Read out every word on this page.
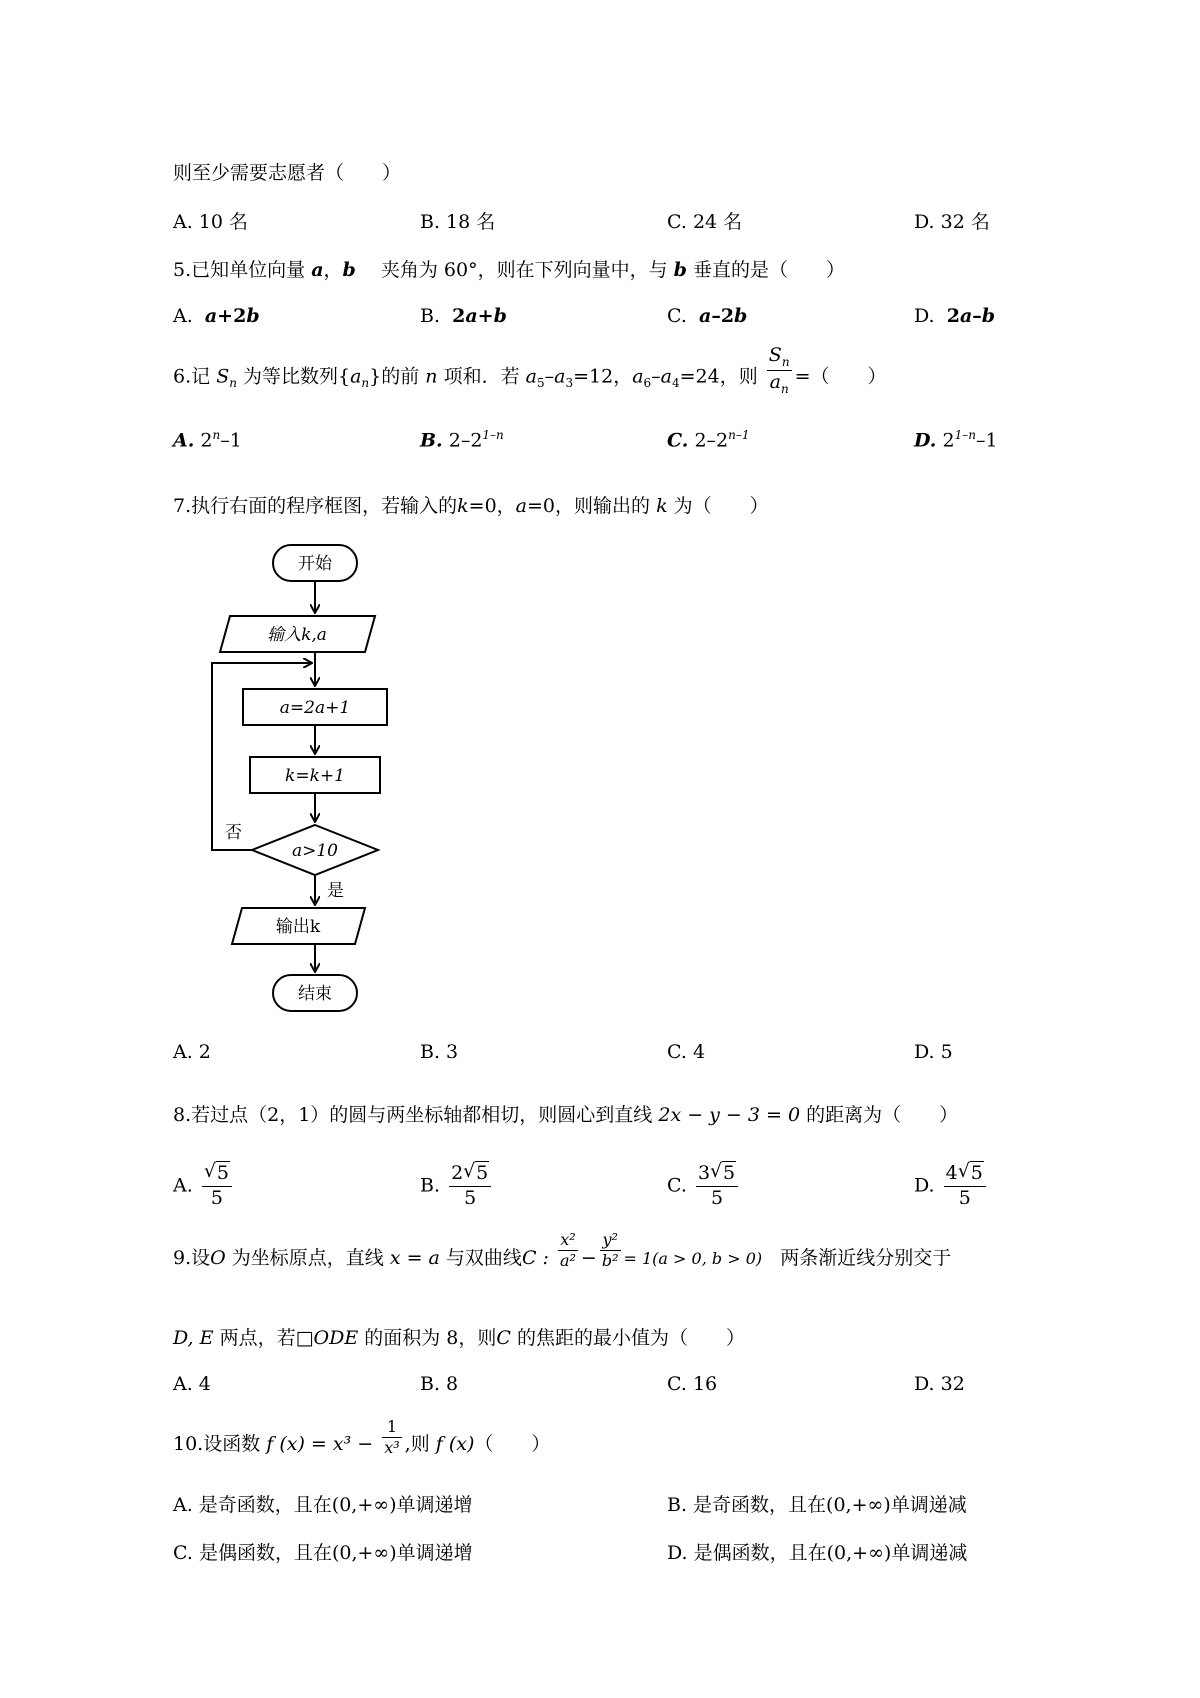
则至少需要志愿者（　　）
A. 10 名	B. 18 名	C. 24 名	D. 32 名
5.已知单位向量 a，b 　夹角为 60°，则在下列向量中，与 b 垂直的是（　　）
A. a+2b	B. 2a+b	C. a–2b	D. 2a–b
6.记 $S_n$ 为等比数列$\{a_n\}$的前 n 项和．若 $a_5-a_3=12$，$a_6-a_4=24$，则 $\frac{S_n}{a_n}$ =（　　）
A. 2$^n$–1	B. 2–2$^{1-n}$	C. 2–2$^{n-1}$	D. 2$^{1-n}$–1
7.执行右面的程序框图，若输入的k=0，a=0，则输出的 k 为（　　）
开始
输入k,a
a=2a+1
k=k+1
a>10
否
是
输出k
结束
A. 2	B. 3	C. 4	D. 5
8.若过点（2，1）的圆与两坐标轴都相切，则圆心到直线 2x − y − 3 = 0 的距离为（　　）
A. √ $\frac{5}{5}$	B. $\frac{2 √ 5}{5}$	C. $\frac{3 √ 5}{5}$	D. $\frac{4 √ 5}{5}$
9.设O 为坐标原点，直线 x = a 与双曲线C : $\frac{\text{x²}}{\text{a²}} - \frac{\text{y²}}{\text{b²}} = 1(a > 0$, b > 0) 两条渐近线分别交于
D, E 两点，若□ODE 的面积为 8，则C 的焦距的最小值为（　　）
A. 4	B. 8	C. 16	D. 32
10.设函数 f $(x) = x^3 - \frac{1}{\text{x³}}$ ,则 f (x)（　　）
A. 是奇函数，且在(0,+∞)单调递增	B. 是奇函数，且在(0,+∞)单调递减
C. 是偶函数，且在(0,+∞)单调递增	D. 是偶函数，且在(0,+∞)单调递减
